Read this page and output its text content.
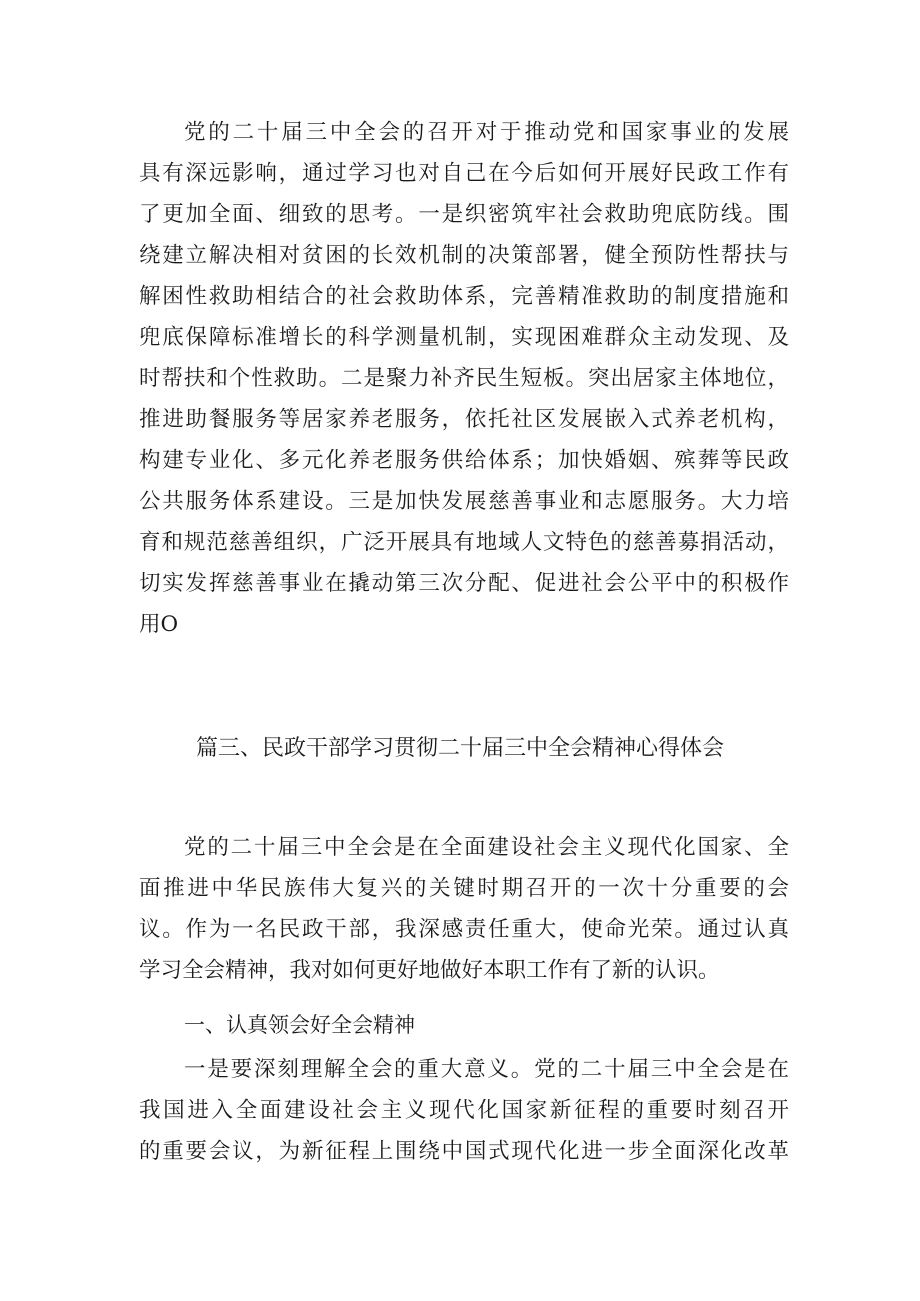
党的二十届三中全会的召开对于推动党和国家事业的发展
具有深远影响，通过学习也对自己在今后如何开展好民政工作有
了更加全面、细致的思考。一是织密筑牢社会救助兜底防线。围
绕建立解决相对贫困的长效机制的决策部署，健全预防性帮扶与
解困性救助相结合的社会救助体系，完善精准救助的制度措施和
兜底保障标准增长的科学测量机制，实现困难群众主动发现、及
时帮扶和个性救助。二是聚力补齐民生短板。突出居家主体地位，
推进助餐服务等居家养老服务，依托社区发展嵌入式养老机构，
构建专业化、多元化养老服务供给体系；加快婚姻、殡葬等民政
公共服务体系建设。三是加快发展慈善事业和志愿服务。大力培
育和规范慈善组织，广泛开展具有地域人文特色的慈善募捐活动，
切实发挥慈善事业在撬动第三次分配、促进社会公平中的积极作
用O
篇三、民政干部学习贯彻二十届三中全会精神心得体会
党的二十届三中全会是在全面建设社会主义现代化国家、全
面推进中华民族伟大复兴的关键时期召开的一次十分重要的会
议。作为一名民政干部，我深感责任重大，使命光荣。通过认真
学习全会精神，我对如何更好地做好本职工作有了新的认识。
一、认真领会好全会精神
一是要深刻理解全会的重大意义。党的二十届三中全会是在
我国进入全面建设社会主义现代化国家新征程的重要时刻召开
的重要会议，为新征程上围绕中国式现代化进一步全面深化改革
